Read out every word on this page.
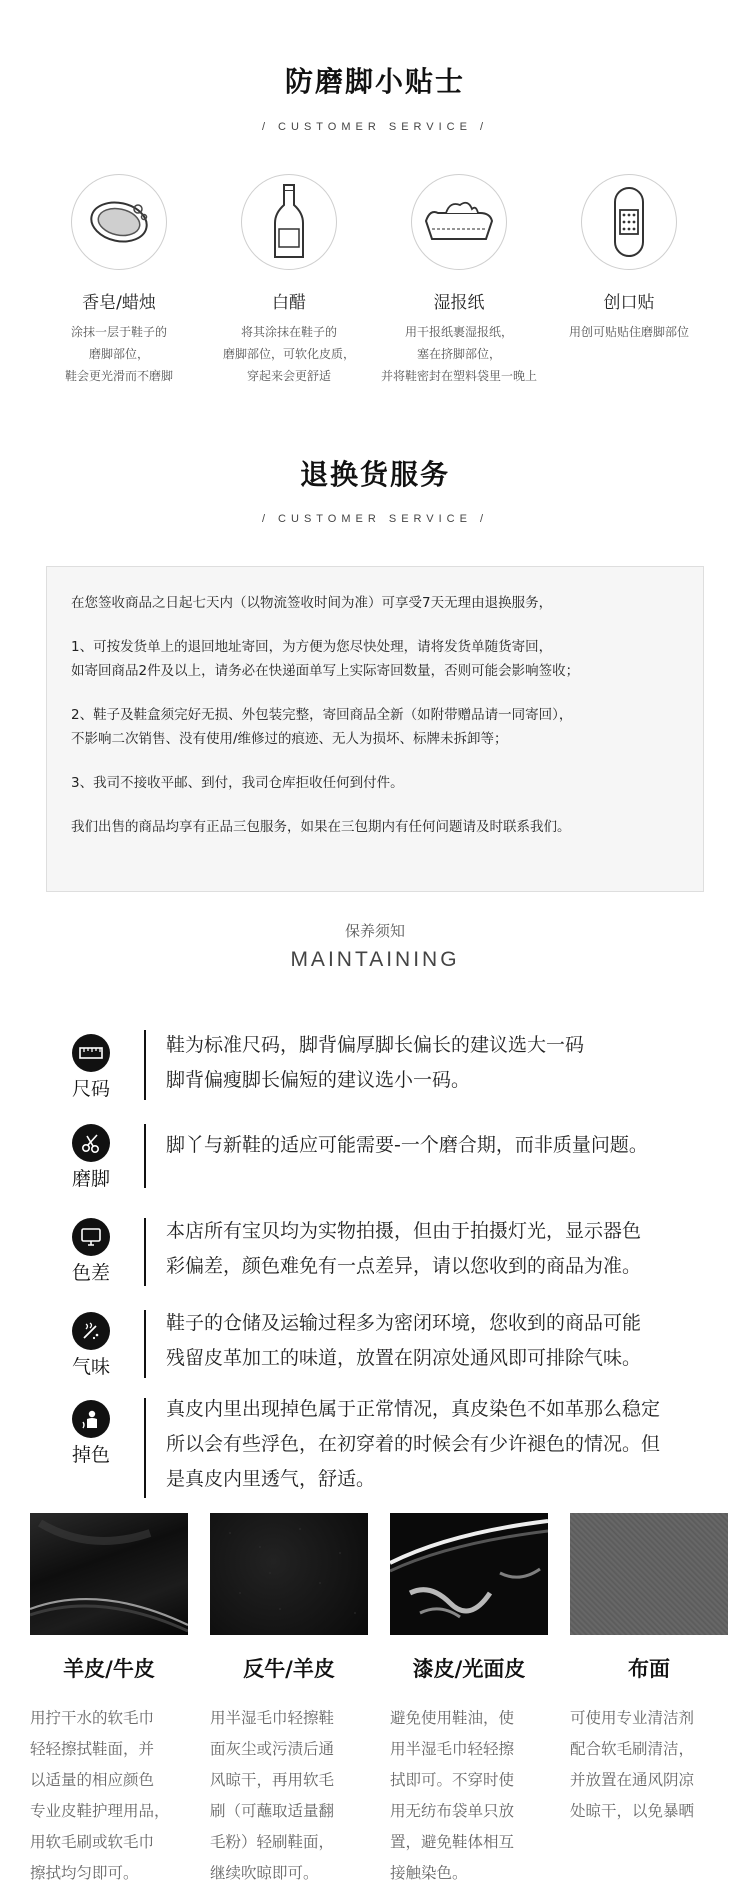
防磨脚小贴士
/ CUSTOMER SERVICE /
香皂/蜡烛
涂抹一层于鞋子的
磨脚部位，
鞋会更光滑而不磨脚
白醋
将其涂抹在鞋子的
磨脚部位，可软化皮质，
穿起来会更舒适
湿报纸
用干报纸裹湿报纸，
塞在挤脚部位，
并将鞋密封在塑料袋里一晚上
创口贴
用创可贴贴住磨脚部位
退换货服务
/ CUSTOMER SERVICE /

在您签收商品之日起七天内（以物流签收时间为准）可享受7天无理由退换服务，

1、可按发货单上的退回地址寄回，为方便为您尽快处理，请将发货单随货寄回，
如寄回商品2件及以上，请务必在快递面单写上实际寄回数量，否则可能会影响签收；

2、鞋子及鞋盒须完好无损、外包装完整，寄回商品全新（如附带赠品请一同寄回），
不影响二次销售、没有使用/维修过的痕迹、无人为损坏、标牌未拆卸等；

3、我司不接收平邮、到付，我司仓库拒收任何到付件。

我们出售的商品均享有正品三包服务，如果在三包期内有任何问题请及时联系我们。

保养须知
MAINTAINING
尺码
鞋为标准尺码，脚背偏厚脚长偏长的建议选大一码
脚背偏瘦脚长偏短的建议选小一码。
磨脚
脚丫与新鞋的适应可能需要-一个磨合期，而非质量问题。
色差
本店所有宝贝均为实物拍摄，但由于拍摄灯光，显示器色
彩偏差，颜色难免有一点差异，请以您收到的商品为准。
气味
鞋子的仓储及运输过程多为密闭环境，您收到的商品可能
残留皮革加工的味道，放置在阴凉处通风即可排除气味。
掉色
真皮内里出现掉色属于正常情况，真皮染色不如革那么稳定
所以会有些浮色，在初穿着的时候会有少许褪色的情况。但
是真皮内里透气，舒适。
羊皮/牛皮
用拧干水的软毛巾
轻轻擦拭鞋面，并
以适量的相应颜色
专业皮鞋护理用品，
用软毛刷或软毛巾
擦拭均匀即可。
反牛/羊皮
用半湿毛巾轻擦鞋
面灰尘或污渍后通
风晾干，再用软毛
刷（可蘸取适量翻
毛粉）轻刷鞋面，
继续吹晾即可。
漆皮/光面皮
避免使用鞋油，使
用半湿毛巾轻轻擦
拭即可。不穿时使
用无纺布袋单只放
置，避免鞋体相互
接触染色。
布面
可使用专业清洁剂
配合软毛刷清洁，
并放置在通风阴凉
处晾干，以免暴晒
